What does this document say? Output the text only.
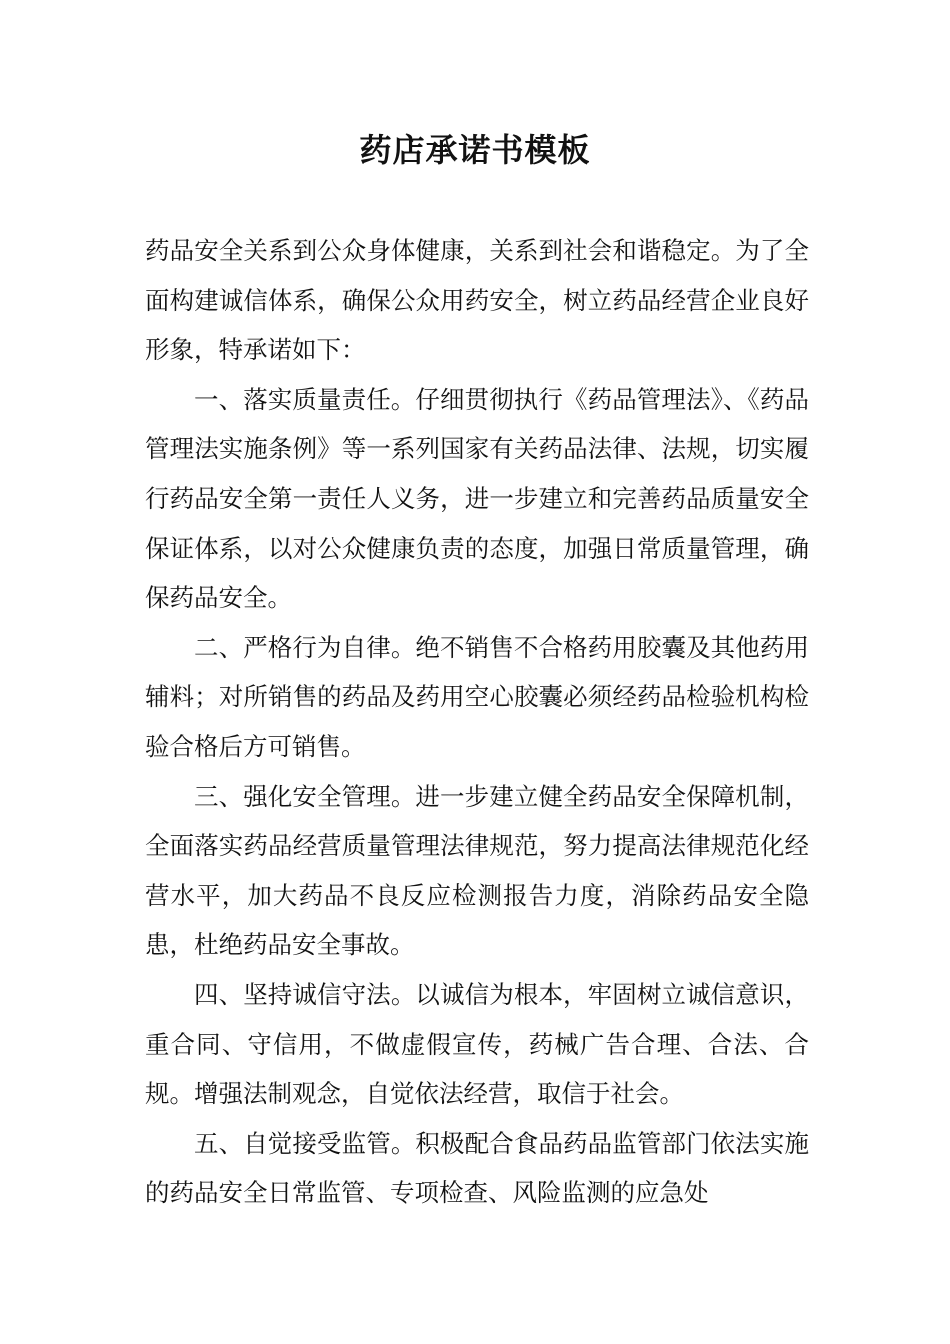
药店承诺书模板

药品安全关系到公众身体健康，关系到社会和谐稳定。为了全面构建诚信体系，确保公众用药安全，树立药品经营企业良好形象，特承诺如下：

一、落实质量责任。仔细贯彻执行《药品管理法》、《药品管理法实施条例》等一系列国家有关药品法律、法规，切实履行药品安全第一责任人义务，进一步建立和完善药品质量安全保证体系，以对公众健康负责的态度，加强日常质量管理，确保药品安全。

二、严格行为自律。绝不销售不合格药用胶囊及其他药用辅料；对所销售的药品及药用空心胶囊必须经药品检验机构检验合格后方可销售。

三、强化安全管理。进一步建立健全药品安全保障机制，全面落实药品经营质量管理法律规范，努力提高法律规范化经营水平，加大药品不良反应检测报告力度，消除药品安全隐患，杜绝药品安全事故。

四、坚持诚信守法。以诚信为根本，牢固树立诚信意识，重合同、守信用，不做虚假宣传，药械广告合理、合法、合规。增强法制观念，自觉依法经营，取信于社会。

五、自觉接受监管。积极配合食品药品监管部门依法实施的药品安全日常监管、专项检查、风险监测的应急处
